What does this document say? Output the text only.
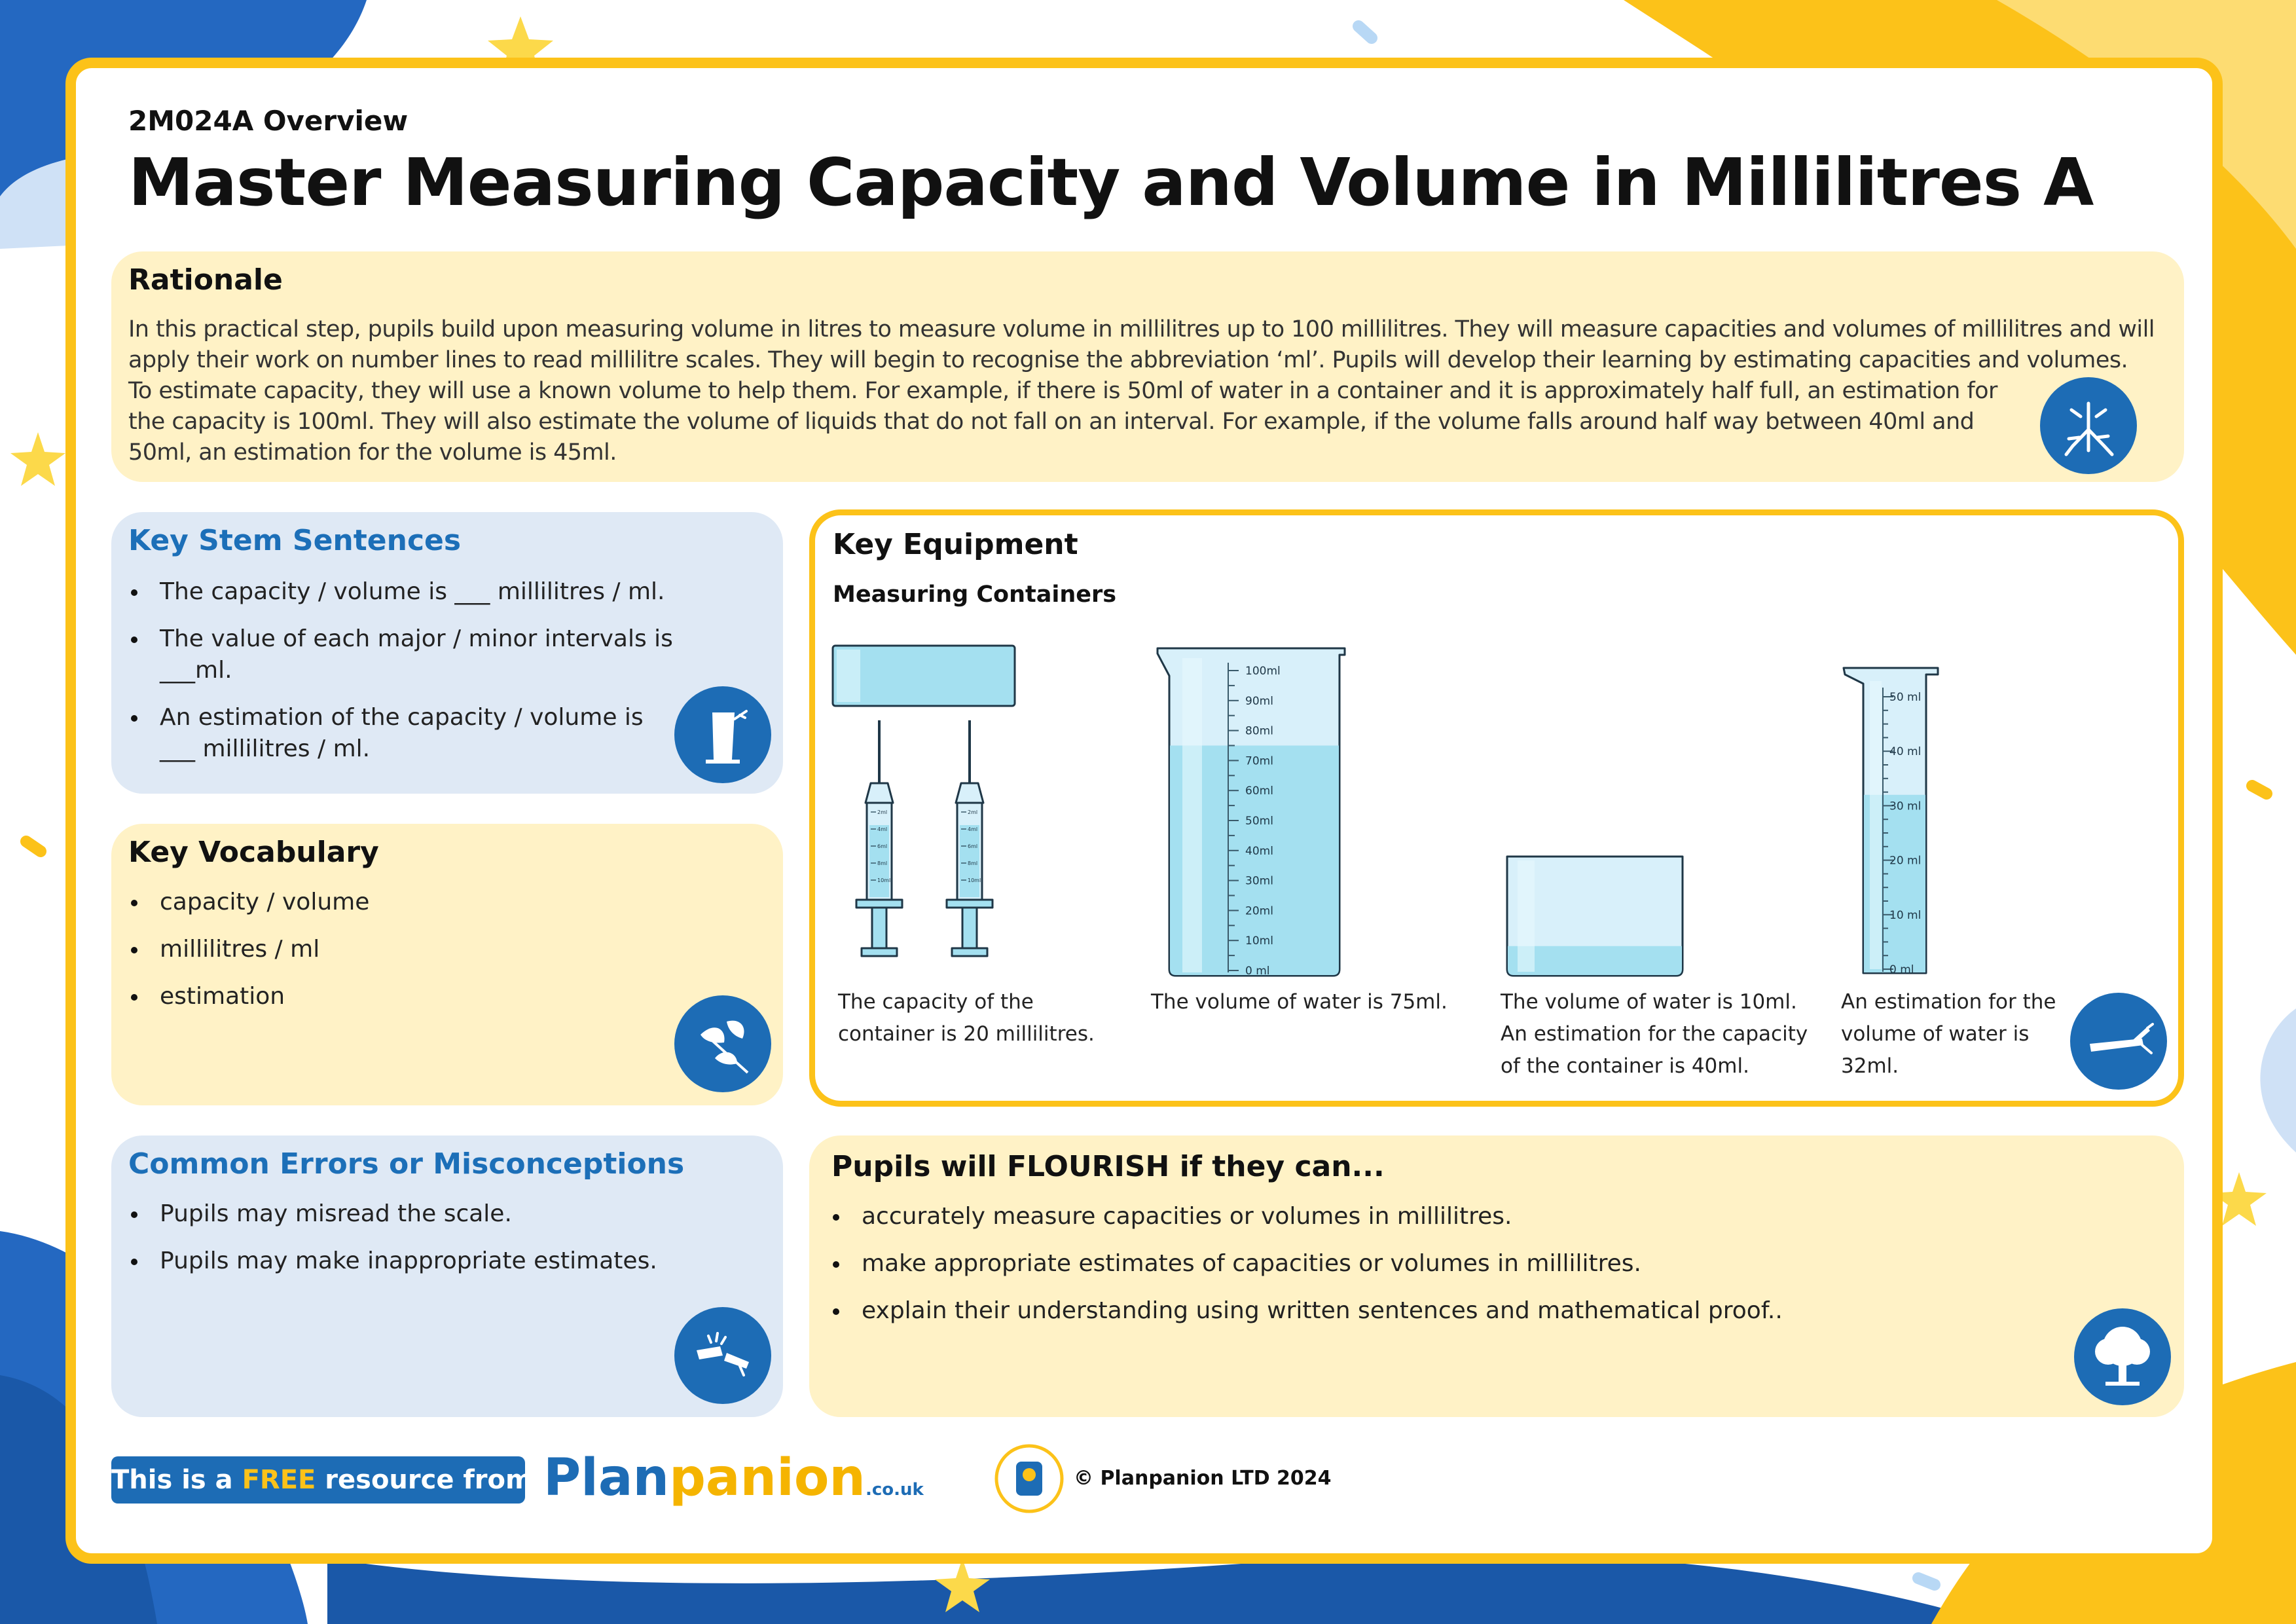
2M024A Overview
Master Measuring Capacity and Volume in Millilitres A
Rationale
In this practical step, pupils build upon measuring volume in litres to measure volume in millilitres up to 100 millilitres. They will measure capacities and volumes of millilitres and will
apply their work on number lines to read millilitre scales. They will begin to recognise the abbreviation ‘ml’. Pupils will develop their learning by estimating capacities and volumes.
To estimate capacity, they will use a known volume to help them. For example, if there is 50ml of water in a container and it is approximately half full, an estimation for
the capacity is 100ml. They will also estimate the volume of liquids that do not fall on an interval. For example, if the volume falls around half way between 40ml and
50ml, an estimation for the volume is 45ml.
Key Stem Sentences
The capacity / volume is ___ millilitres / ml.
The value of each major / minor intervals is ___ml.
An estimation of the capacity / volume is
___ millilitres / ml.
Key Vocabulary
capacity / volume
millilitres / ml
estimation
Common Errors or Misconceptions
Pupils may misread the scale.
Pupils may make inappropriate estimates.
Key Equipment
Measuring Containers
100ml
90ml
80ml
70ml
60ml
50ml
40ml
30ml
20ml
10ml
0 ml
50 ml
40 ml
30 ml
20 ml
10 ml
0 ml
2ml
4ml
6ml
8ml
10ml
2ml
4ml
6ml
8ml
10ml
The capacity of the
container is 20 millilitres.
The volume of water is 75ml.	The volume of water is 10ml.
An estimation for the capacity
of the container is 40ml.
An estimation for the
volume of water is
32ml.
Pupils will FLOURISH if they can...
accurately measure capacities or volumes in millilitres.
make appropriate estimates of capacities or volumes in millilitres.
explain their understanding using written sentences and mathematical proof..
This is a FREE resource from Planpanion.co.uk	© Planpanion LTD 2024
